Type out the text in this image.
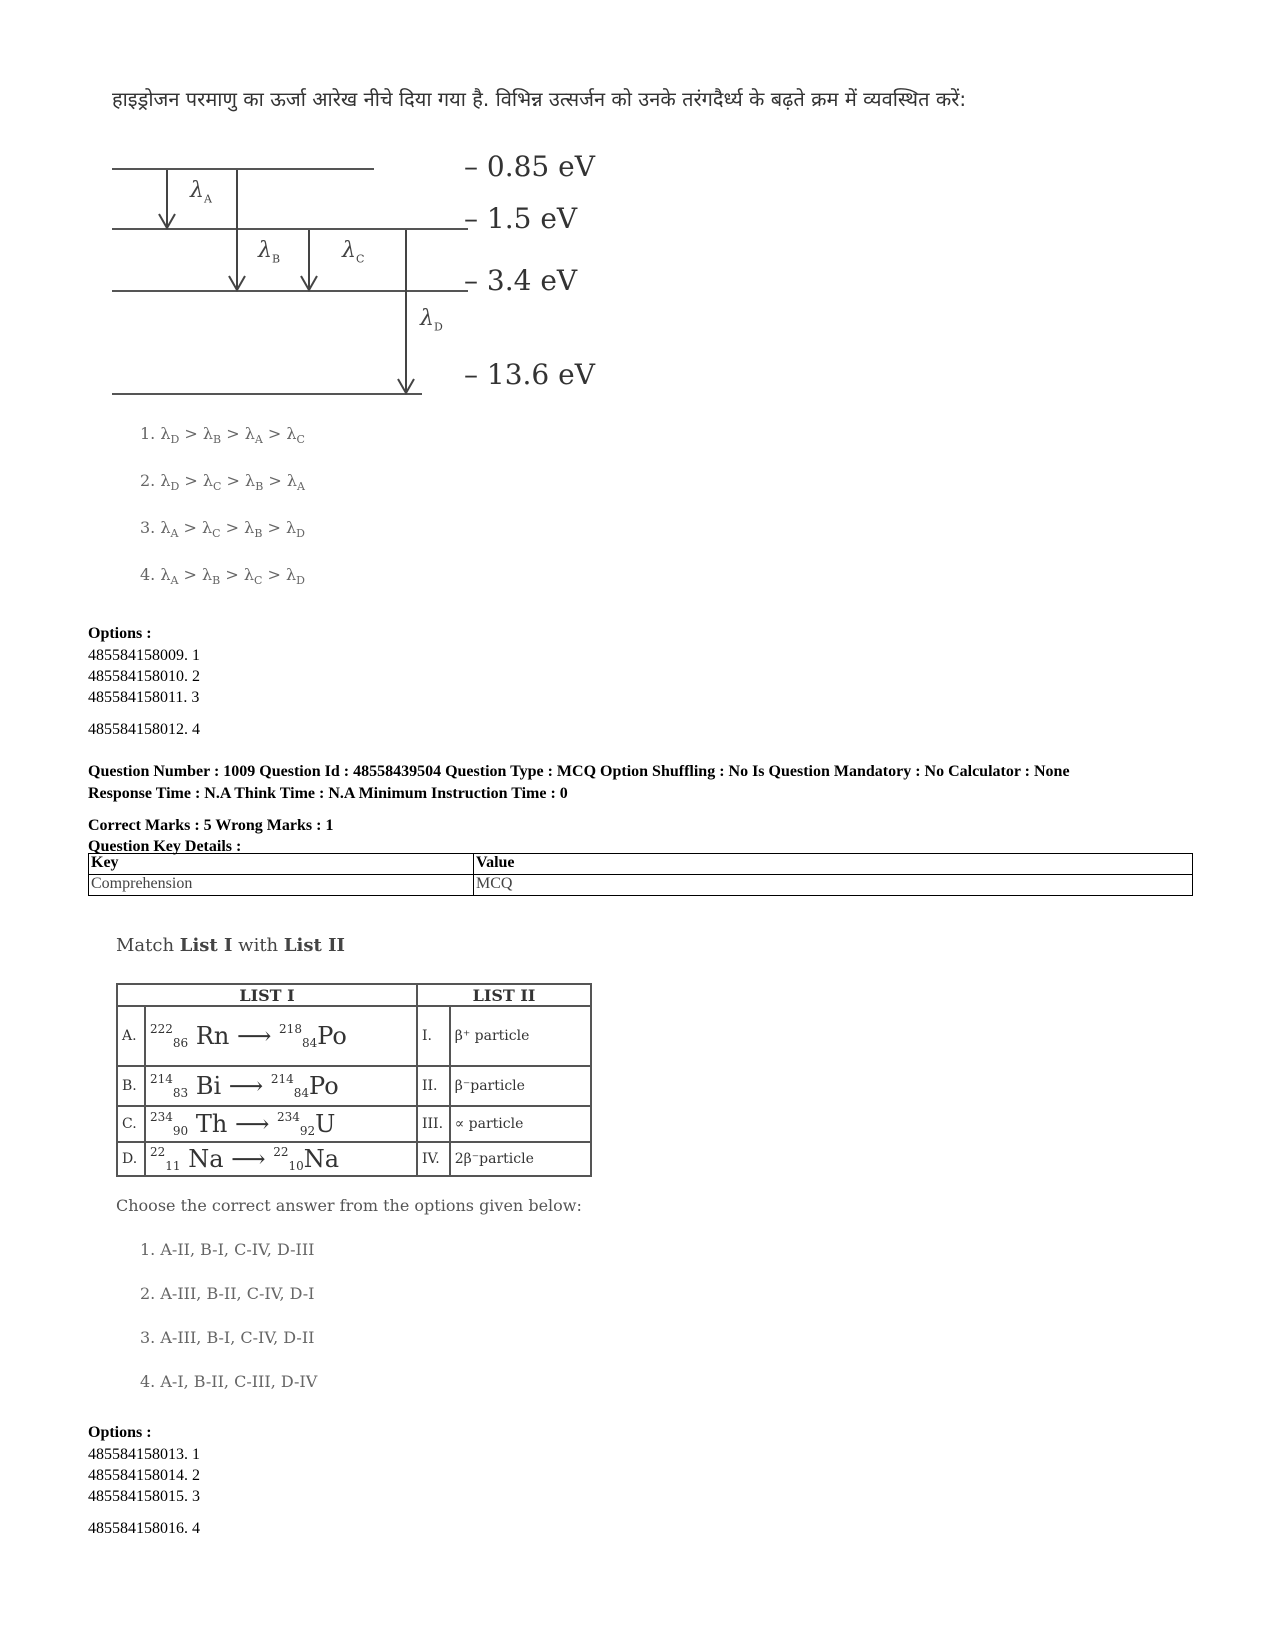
हाइड्रोजन परमाणु का ऊर्जा आरेख नीचे दिया गया है. विभिन्न उत्सर्जन को उनके तरंगदैर्ध्य के बढ़ते क्रम में व्यवस्थित करें:
$\lambda_A$
$\lambda_B$	$\lambda_C$
$\lambda_D$
– 0.85 eV
– 1.5 eV
– 3.4 eV
– 13.6 eV
1. $\lambda_D > \lambda_B > \lambda_A > \lambda_C$
2. $\lambda_D > \lambda_C > \lambda_B > \lambda_A$
3. $\lambda_A > \lambda_C > \lambda_B > \lambda_D$
4. $\lambda_A > \lambda_B > \lambda_C > \lambda_D$
Options :
485584158009. 1
485584158010. 2
485584158011. 3
485584158012. 4
Question Number : 1009 Question Id : 48558439504 Question Type : MCQ Option Shuffling : No Is Question Mandatory : No Calculator : None
Response Time : N.A Think Time : N.A Minimum Instruction Time : 0
Correct Marks : 5 Wrong Marks : 1
Question Key Details :
Key	Value
Comprehension	MCQ
Match List I with List II
LIST I		LIST II	
A.	$^{222}$86 Rn ⟶ $^{218}$84Po	I.	β⁺ particle
B.	$^{214}$83 Bi ⟶ $^{214}$84Po	II.	β⁻particle
C.	$^{234}$90 Th ⟶ $^{234}$92U	III.	∝ particle
D.	$^{22}$11 Na ⟶ $^{22}$10Na	IV.	2β⁻particle
Choose the correct answer from the options given below:
1. A-II, B-I, C-IV, D-III
2. A-III, B-II, C-IV, D-I
3. A-III, B-I, C-IV, D-II
4. A-I, B-II, C-III, D-IV
Options :
485584158013. 1
485584158014. 2
485584158015. 3
485584158016. 4
